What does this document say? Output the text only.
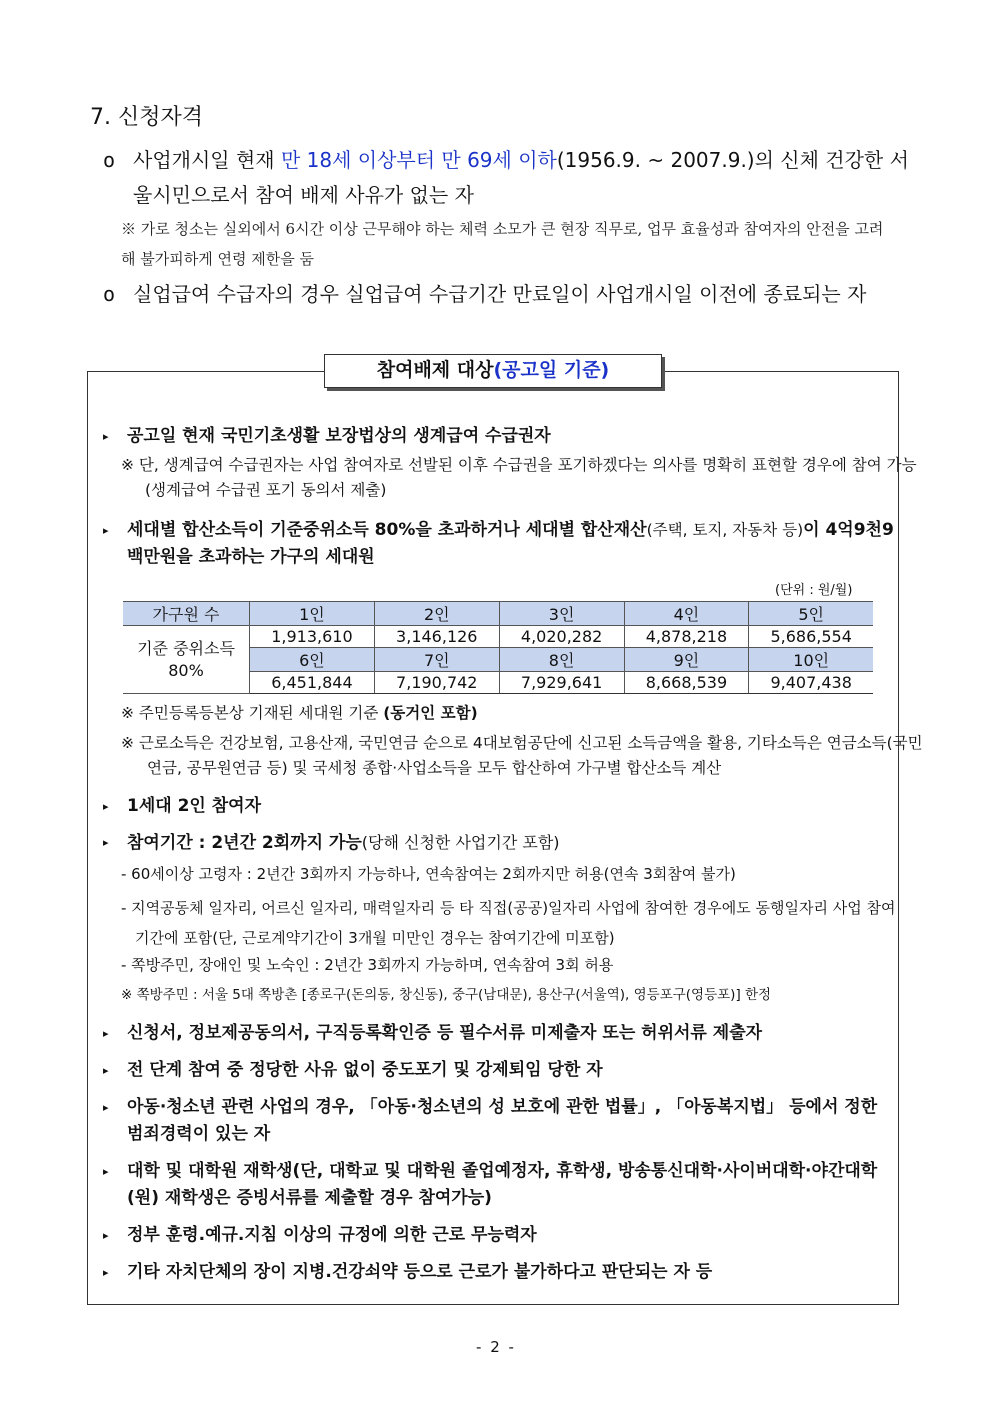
7. 신청자격
o 사업개시일 현재 만 18세 이상부터 만 69세 이하(1956.9. ~ 2007.9.)의 신체 건강한 서울시민으로서 참여 배제 사유가 없는 자
※ 가로 청소는 실외에서 6시간 이상 근무해야 하는 체력 소모가 큰 현장 직무로, 업무 효율성과 참여자의 안전을 고려해 불가피하게 연령 제한을 둠
o 실업급여 수급자의 경우 실업급여 수급기간 만료일이 사업개시일 이전에 종료되는 자
참여배제 대상(공고일 기준)
▸ 공고일 현재 국민기초생활 보장법상의 생계급여 수급권자
※ 단, 생계급여 수급권자는 사업 참여자로 선발된 이후 수급권을 포기하겠다는 의사를 명확히 표현할 경우에 참여 가능 (생계급여 수급권 포기 동의서 제출)
▸ 세대별 합산소득이 기준중위소득 80%을 초과하거나 세대별 합산재산(주택, 토지, 자동차 등)이 4억9천9백만원을 초과하는 가구의 세대원
(단위 : 원/월)
가구원 수	1인	2인	3인	4인	5인
기준 중위소득 80%	1,913,610	3,146,126	4,020,282	4,878,218	5,686,554
	6인	7인	8인	9인	10인
	6,451,844	7,190,742	7,929,641	8,668,539	9,407,438
※ 주민등록등본상 기재된 세대원 기준 (동거인 포함)
※ 근로소득은 건강보험, 고용산재, 국민연금 순으로 4대보험공단에 신고된 소득금액을 활용, 기타소득은 연금소득(국민연금, 공무원연금 등) 및 국세청 종합·사업소득을 모두 합산하여 가구별 합산소득 계산
▸ 1세대 2인 참여자
▸ 참여기간 : 2년간 2회까지 가능(당해 신청한 사업기간 포함)
- 60세이상 고령자 : 2년간 3회까지 가능하나, 연속참여는 2회까지만 허용(연속 3회참여 불가)
- 지역공동체 일자리, 어르신 일자리, 매력일자리 등 타 직접(공공)일자리 사업에 참여한 경우에도 동행일자리 사업 참여기간에 포함(단, 근로계약기간이 3개월 미만인 경우는 참여기간에 미포함)
- 쪽방주민, 장애인 및 노숙인 : 2년간 3회까지 가능하며, 연속참여 3회 허용
※ 쪽방주민 : 서울 5대 쪽방촌 [종로구(돈의동, 창신동), 중구(남대문), 용산구(서울역), 영등포구(영등포)] 한정
▸ 신청서, 정보제공동의서, 구직등록확인증 등 필수서류 미제출자 또는 허위서류 제출자
▸ 전 단계 참여 중 정당한 사유 없이 중도포기 및 강제퇴임 당한 자
▸ 아동·청소년 관련 사업의 경우, 「아동·청소년의 성 보호에 관한 법률」, 「아동복지법」 등에서 정한 범죄경력이 있는 자
▸ 대학 및 대학원 재학생(단, 대학교 및 대학원 졸업예정자, 휴학생, 방송통신대학·사이버대학·야간대학(원) 재학생은 증빙서류를 제출할 경우 참여가능)
▸ 정부 훈령.예규.지침 이상의 규정에 의한 근로 무능력자
▸ 기타 자치단체의 장이 지병.건강쇠약 등으로 근로가 불가하다고 판단되는 자 등
- 2 -
